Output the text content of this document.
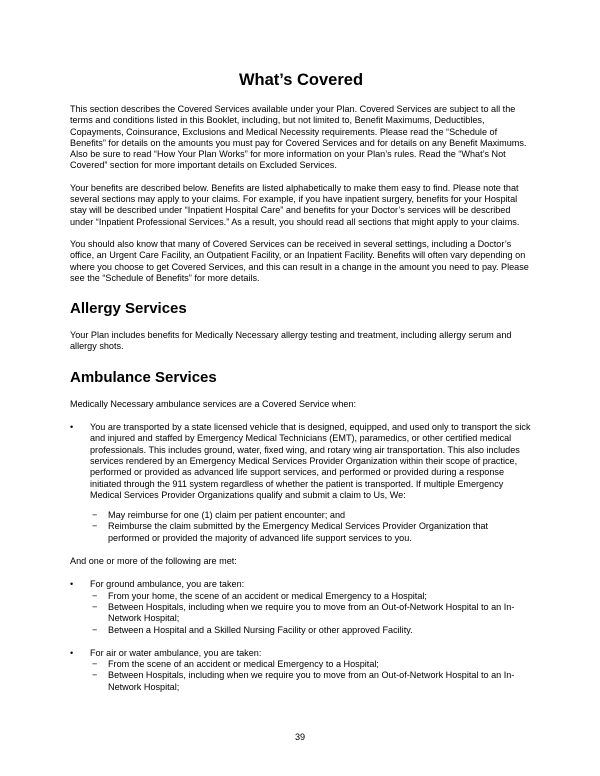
What’s Covered

This section describes the Covered Services available under your Plan. Covered Services are subject to all the terms and conditions listed in this Booklet, including, but not limited to, Benefit Maximums, Deductibles, Copayments, Coinsurance, Exclusions and Medical Necessity requirements. Please read the “Schedule of Benefits” for details on the amounts you must pay for Covered Services and for details on any Benefit Maximums. Also be sure to read “How Your Plan Works” for more information on your Plan’s rules. Read the “What’s Not Covered” section for more important details on Excluded Services.

Your benefits are described below. Benefits are listed alphabetically to make them easy to find. Please note that several sections may apply to your claims. For example, if you have inpatient surgery, benefits for your Hospital stay will be described under “Inpatient Hospital Care” and benefits for your Doctor’s services will be described under “Inpatient Professional Services.” As a result, you should read all sections that might apply to your claims.

You should also know that many of Covered Services can be received in several settings, including a Doctor’s office, an Urgent Care Facility, an Outpatient Facility, or an Inpatient Facility. Benefits will often vary depending on where you choose to get Covered Services, and this can result in a change in the amount you need to pay. Please see the “Schedule of Benefits” for more details.

Allergy Services

Your Plan includes benefits for Medically Necessary allergy testing and treatment, including allergy serum and allergy shots.

Ambulance Services

Medically Necessary ambulance services are a Covered Service when:

• You are transported by a state licensed vehicle that is designed, equipped, and used only to transport the sick and injured and staffed by Emergency Medical Technicians (EMT), paramedics, or other certified medical professionals. This includes ground, water, fixed wing, and rotary wing air transportation. This also includes services rendered by an Emergency Medical Services Provider Organization within their scope of practice, performed or provided as advanced life support services, and performed or provided during a response initiated through the 911 system regardless of whether the patient is transported. If multiple Emergency Medical Services Provider Organizations qualify and submit a claim to Us, We:

− May reimburse for one (1) claim per patient encounter; and
− Reimburse the claim submitted by the Emergency Medical Services Provider Organization that performed or provided the majority of advanced life support services to you.

And one or more of the following are met:

• For ground ambulance, you are taken:

− From your home, the scene of an accident or medical Emergency to a Hospital;
− Between Hospitals, including when we require you to move from an Out-of-Network Hospital to an In-Network Hospital;
− Between a Hospital and a Skilled Nursing Facility or other approved Facility.
• For air or water ambulance, you are taken:

− From the scene of an accident or medical Emergency to a Hospital;
− Between Hospitals, including when we require you to move from an Out-of-Network Hospital to an In-Network Hospital;
39
